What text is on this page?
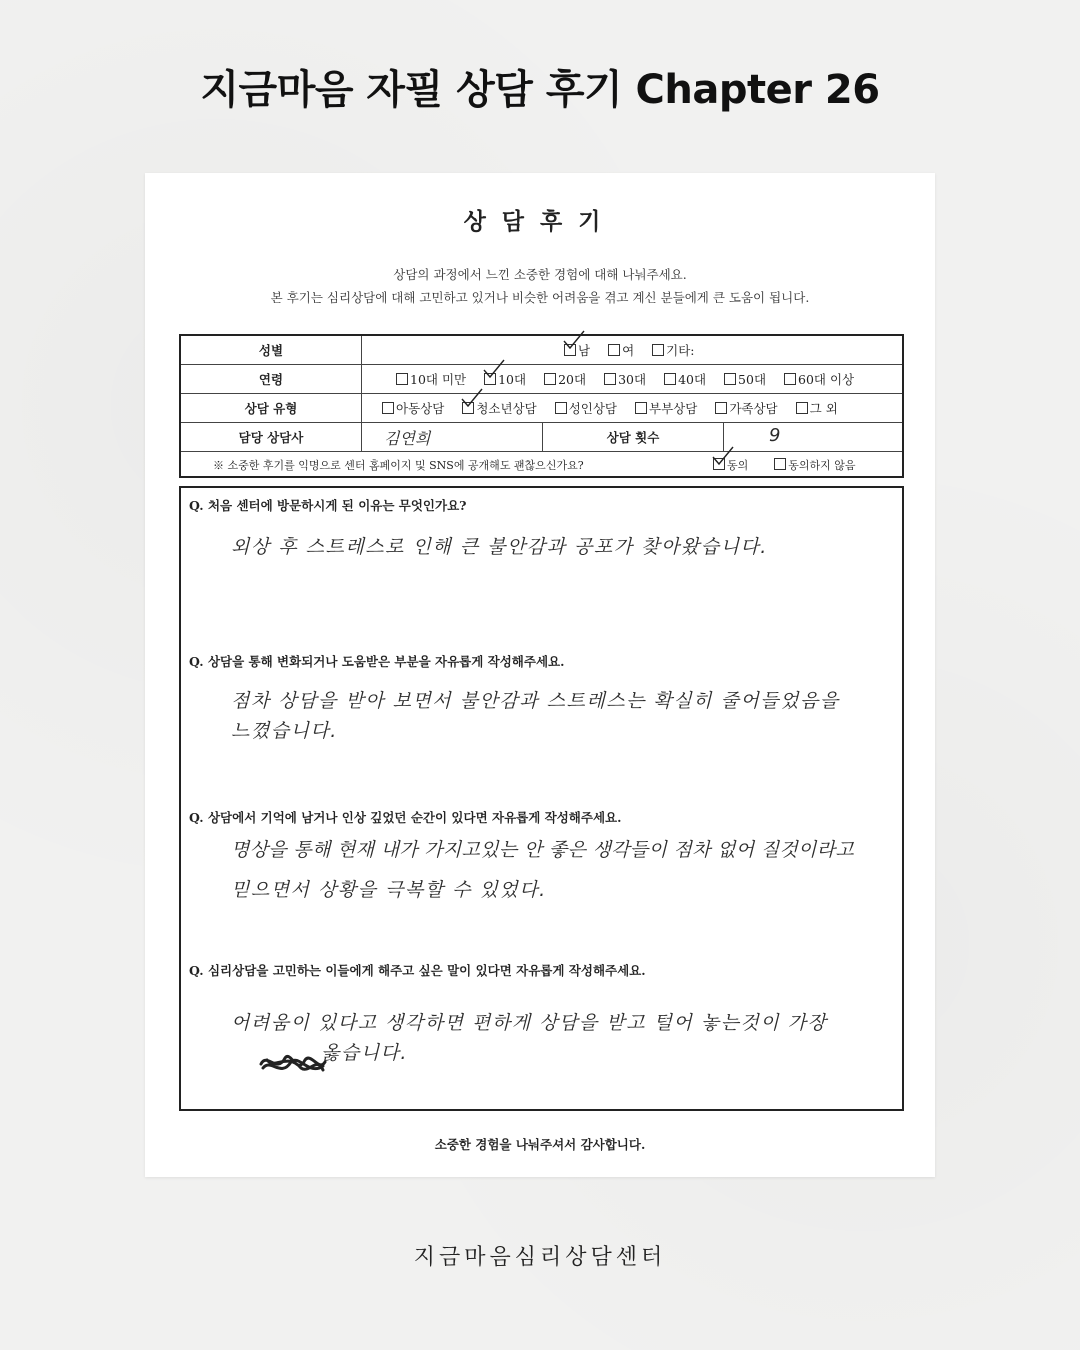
지금마음 자필 상담 후기 Chapter 26
상담후기
상담의 과정에서 느낀 소중한 경험에 대해 나눠주세요.
본 후기는 심리상담에 대해 고민하고 있거나 비슷한 어려움을 겪고 계신 분들에게 큰 도움이 됩니다.
성별	남	여	기타:
연령	10대 미만	10대	20대	30대	40대	50대	60대 이상
상담 유형	아동상담	청소년상담	성인상담	부부상담	가족상담	그 외
담당 상담사	김연희	상담 횟수	9
※ 소중한 후기를 익명으로 센터 홈페이지 및 SNS에 공개해도 괜찮으신가요?	동의	동의하지 않음
Q. 처음 센터에 방문하시게 된 이유는 무엇인가요?
외상 후 스트레스로 인해 큰 불안감과 공포가 찾아왔습니다.
Q. 상담을 통해 변화되거나 도움받은 부분을 자유롭게 작성해주세요.
점차 상담을 받아 보면서 불안감과 스트레스는 확실히 줄어들었음을
느꼈습니다.
Q. 상담에서 기억에 남거나 인상 깊었던 순간이 있다면 자유롭게 작성해주세요.
명상을 통해 현재 내가 가지고있는 안 좋은 생각들이 점차 없어 질것이라고
믿으면서 상황을 극복할 수 있었다.
Q. 심리상담을 고민하는 이들에게 해주고 싶은 말이 있다면 자유롭게 작성해주세요.
어려움이 있다고 생각하면 편하게 상담을 받고 털어 놓는것이 가장
옳습니다.
소중한 경험을 나눠주셔서 감사합니다.
지금마음심리상담센터
